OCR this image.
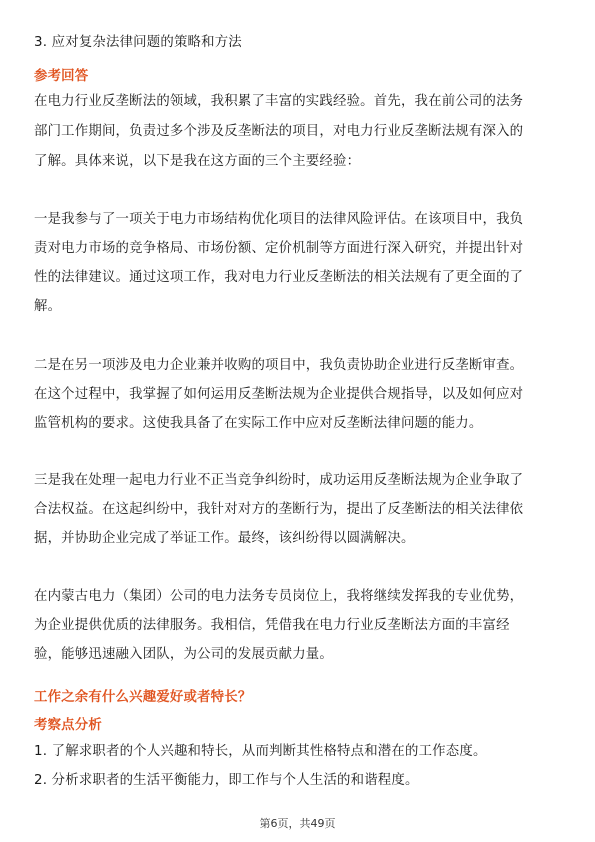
3. 应对复杂法律问题的策略和方法
参考回答
在电力行业反垄断法的领域，我积累了丰富的实践经验。首先，我在前公司的法务
部门工作期间，负责过多个涉及反垄断法的项目，对电力行业反垄断法规有深入的
了解。具体来说，以下是我在这方面的三个主要经验：
一是我参与了一项关于电力市场结构优化项目的法律风险评估。在该项目中，我负
责对电力市场的竞争格局、市场份额、定价机制等方面进行深入研究，并提出针对
性的法律建议。通过这项工作，我对电力行业反垄断法的相关法规有了更全面的了
解。
二是在另一项涉及电力企业兼并收购的项目中，我负责协助企业进行反垄断审查。
在这个过程中，我掌握了如何运用反垄断法规为企业提供合规指导，以及如何应对
监管机构的要求。这使我具备了在实际工作中应对反垄断法律问题的能力。
三是我在处理一起电力行业不正当竞争纠纷时，成功运用反垄断法规为企业争取了
合法权益。在这起纠纷中，我针对对方的垄断行为，提出了反垄断法的相关法律依
据，并协助企业完成了举证工作。最终，该纠纷得以圆满解决。
在内蒙古电力（集团）公司的电力法务专员岗位上，我将继续发挥我的专业优势，
为企业提供优质的法律服务。我相信，凭借我在电力行业反垄断法方面的丰富经
验，能够迅速融入团队，为公司的发展贡献力量。
工作之余有什么兴趣爱好或者特长？
考察点分析
1. 了解求职者的个人兴趣和特长，从而判断其性格特点和潜在的工作态度。
2. 分析求职者的生活平衡能力，即工作与个人生活的和谐程度。
第6页，共49页
